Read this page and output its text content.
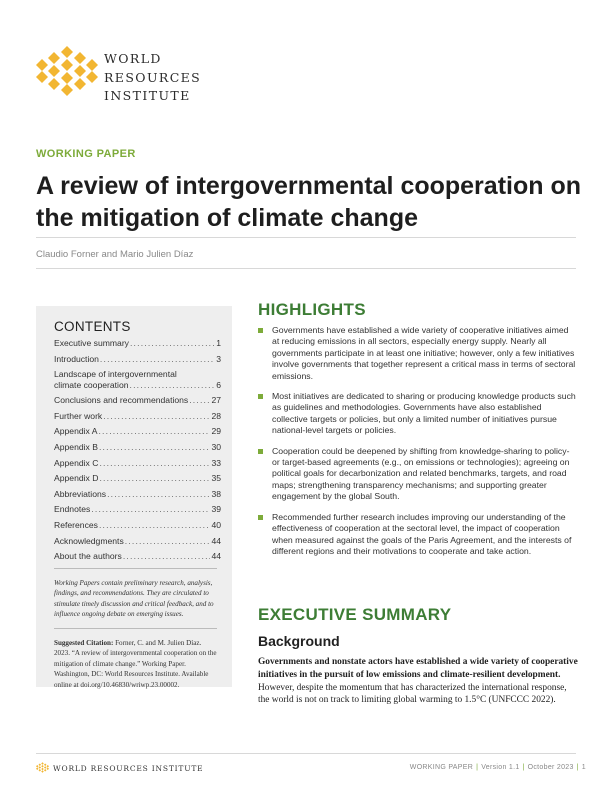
WORLD
RESOURCES
INSTITUTE
WORKING PAPER
A review of intergovernmental cooperation on the mitigation of climate change
Claudio Forner and Mario Julien Díaz
CONTENTS
Executive summary . . .	1
Introduction . . .	3
Landscape of intergovernmental
climate cooperation . . .	6
Conclusions and recommendations . . .	27
Further work . . .	28
Appendix A . . .	29
Appendix B . . .	30
Appendix C . . .	33
Appendix D . . .	35
Abbreviations . . .	38
Endnotes . . .	39
References . . .	40
Acknowledgments . . .	44
About the authors . . .	44
Working Papers contain preliminary research, analysis, findings, and recommendations. They are circulated to stimulate timely discussion and critical feedback, and to influence ongoing debate on emerging issues.
Suggested Citation: Forner, C. and M. Julien Díaz. 2023. “A review of intergovernmental cooperation on the mitigation of climate change.” Working Paper. Washington, DC: World Resources Institute. Available online at doi.org/10.46830/wriwp.23.00002.
HIGHLIGHTS
Governments have established a wide variety of cooperative initiatives aimed at reducing emissions in all sectors, especially energy supply. Nearly all governments participate in at least one initiative; however, only a few initiatives involve governments that together represent a critical mass in terms of sectoral emissions.
Most initiatives are dedicated to sharing or producing knowledge products such as guidelines and methodologies. Governments have also established collective targets or policies, but only a limited number of initiatives pursue national-level targets or policies.
Cooperation could be deepened by shifting from knowledge-sharing to policy- or target-based agreements (e.g., on emissions or technologies); agreeing on political goals for decarbonization and related benchmarks, targets, and road maps; strengthening transparency mechanisms; and supporting greater engagement by the global South.
Recommended further research includes improving our understanding of the effectiveness of cooperation at the sectoral level, the impact of cooperation when measured against the goals of the Paris Agreement, and the interests of different regions and their motivations to cooperate and take action.
EXECUTIVE SUMMARY
Background

Governments and nonstate actors have established a wide variety of cooperative initiatives in the pursuit of low emissions and climate-resilient development. However, despite the momentum that has characterized the international response, the world is not on track to limiting global warming to 1.5°C (UNFCCC 2022).

WORLD RESOURCES INSTITUTE	WORKING PAPER | Version 1.1 | October 2023 | 1
